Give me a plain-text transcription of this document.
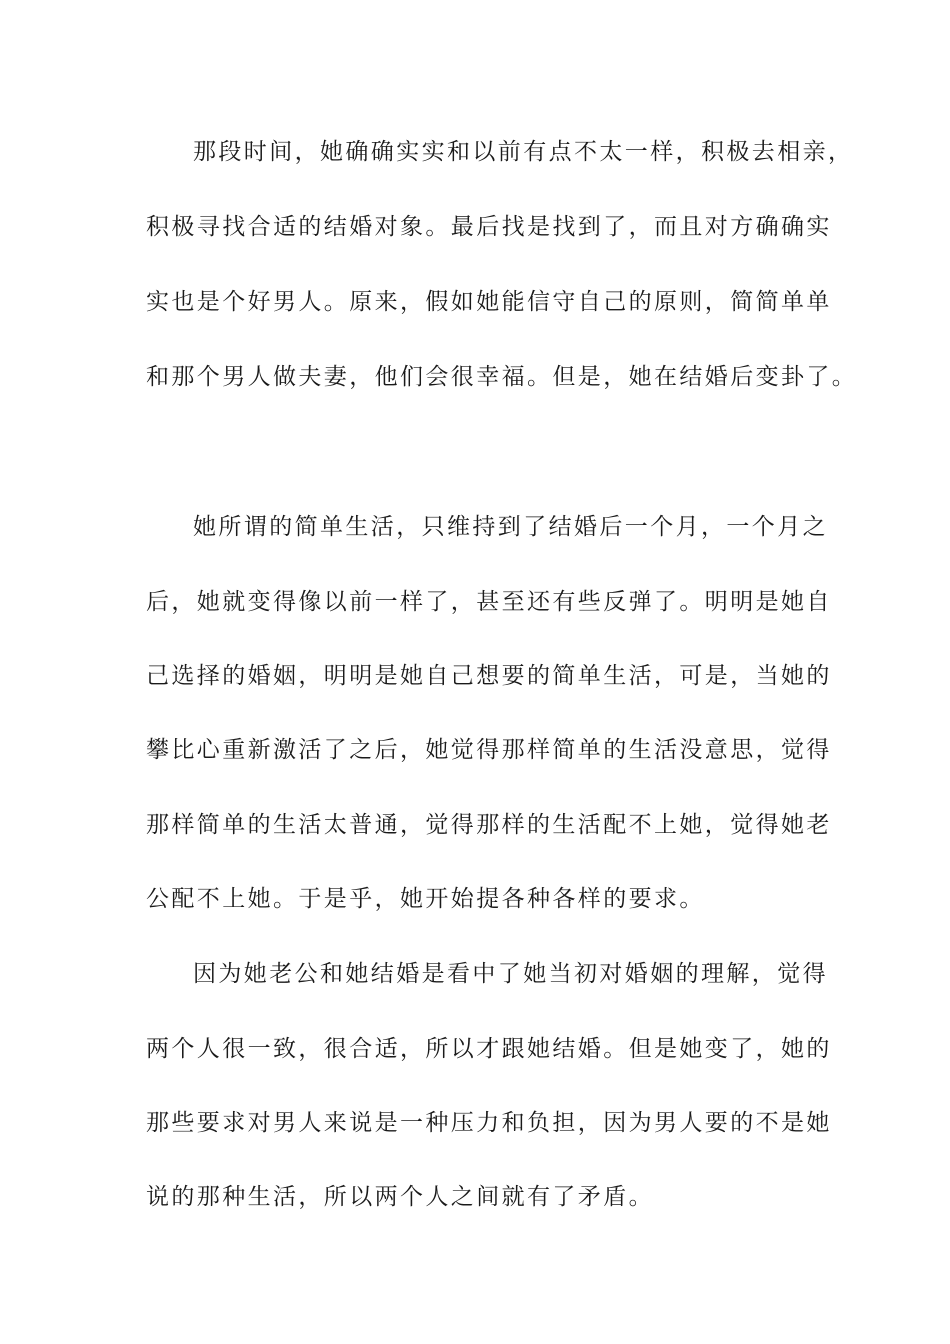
那段时间，她确确实实和以前有点不太一样，积极去相亲，
积极寻找合适的结婚对象。最后找是找到了，而且对方确确实
实也是个好男人。原来，假如她能信守自己的原则，简简单单
和那个男人做夫妻，他们会很幸福。但是，她在结婚后变卦了。
她所谓的简单生活，只维持到了结婚后一个月，一个月之
后，她就变得像以前一样了，甚至还有些反弹了。明明是她自
己选择的婚姻，明明是她自己想要的简单生活，可是，当她的
攀比心重新激活了之后，她觉得那样简单的生活没意思，觉得
那样简单的生活太普通，觉得那样的生活配不上她，觉得她老
公配不上她。于是乎，她开始提各种各样的要求。
因为她老公和她结婚是看中了她当初对婚姻的理解，觉得
两个人很一致，很合适，所以才跟她结婚。但是她变了，她的
那些要求对男人来说是一种压力和负担，因为男人要的不是她
说的那种生活，所以两个人之间就有了矛盾。
